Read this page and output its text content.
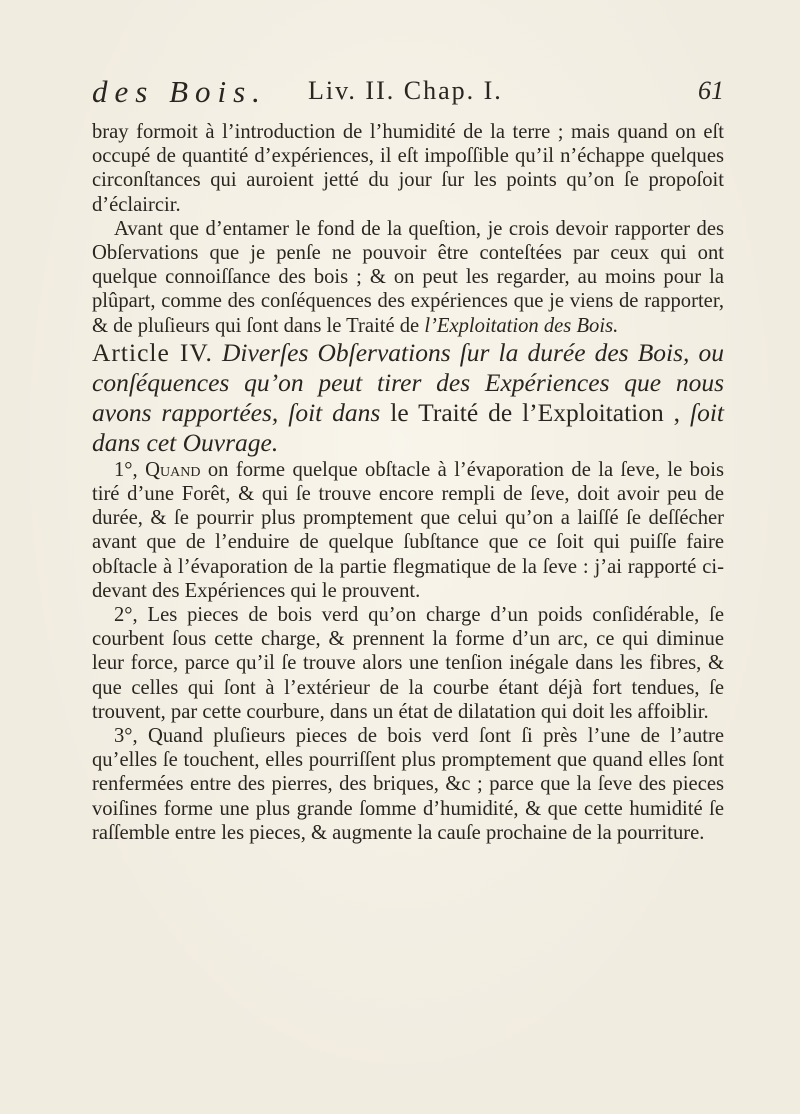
des Bois. Liv. II. Chap. I.	61

bray formoit à l’introduction de l’humidité de la terre ; mais quand on eſt occupé de quantité d’expériences, il eſt impoſſible qu’il n’échappe quelques circonſtances qui auroient jetté du jour ſur les points qu’on ſe propoſoit d’éclaircir.

Avant que d’entamer le fond de la queſtion, je crois devoir rapporter des Obſervations que je penſe ne pouvoir être conteſtées par ceux qui ont quelque connoiſſance des bois ; & on peut les regarder, au moins pour la plûpart, comme des conſéquences des expériences que je viens de rapporter, & de pluſieurs qui ſont dans le Traité de l’Exploitation des Bois.

Article IV. Diverſes Obſervations ſur la durée des Bois, ou conſéquences qu’on peut tirer des Expériences que nous avons rapportées, ſoit dans le Traité de l’Exploitation , ſoit dans cet Ouvrage.

1°, Quand on forme quelque obſtacle à l’évaporation de la ſeve, le bois tiré d’une Forêt, & qui ſe trouve encore rempli de ſeve, doit avoir peu de durée, & ſe pourrir plus promptement que celui qu’on a laiſſé ſe deſſécher avant que de l’enduire de quelque ſubſtance que ce ſoit qui puiſſe faire obſtacle à l’évaporation de la partie flegmatique de la ſeve : j’ai rapporté ci-devant des Expériences qui le prouvent.

2°, Les pieces de bois verd qu’on charge d’un poids conſidérable, ſe courbent ſous cette charge, & prennent la forme d’un arc, ce qui diminue leur force, parce qu’il ſe trouve alors une tenſion inégale dans les fibres, & que celles qui ſont à l’extérieur de la courbe étant déjà fort tendues, ſe trouvent, par cette courbure, dans un état de dilatation qui doit les affoiblir.

3°, Quand pluſieurs pieces de bois verd ſont ſi près l’une de l’autre qu’elles ſe touchent, elles pourriſſent plus promptement que quand elles ſont renfermées entre des pierres, des briques, &c ; parce que la ſeve des pieces voiſines forme une plus grande ſomme d’humidité, & que cette humidité ſe raſſemble entre les pieces, & augmente la cauſe prochaine de la pourriture.
